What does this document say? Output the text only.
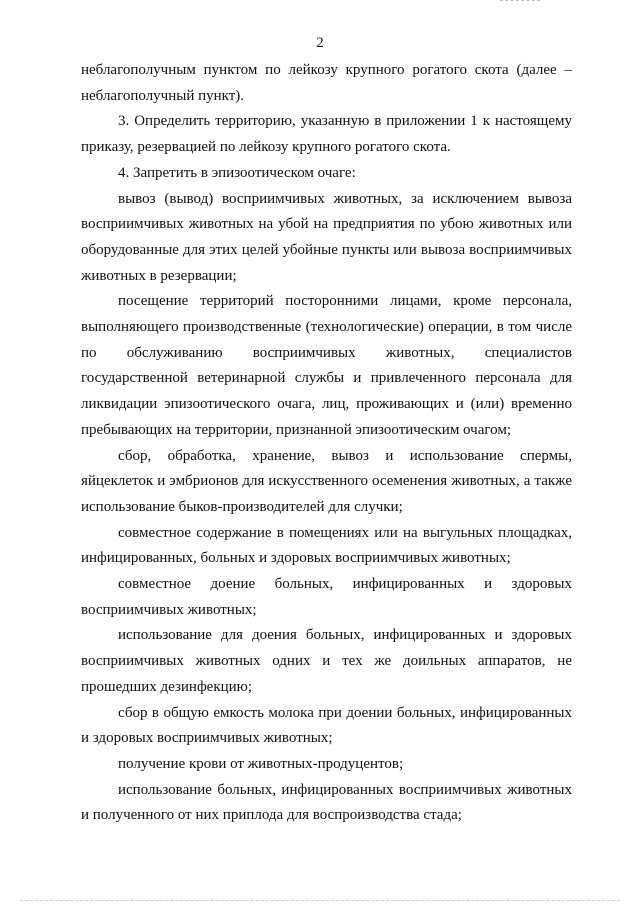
2

неблагополучным пунктом по лейкозу крупного рогатого скота (далее – неблагополучный пункт).

3. Определить территорию, указанную в приложении 1 к настоящему приказу, резервацией по лейкозу крупного рогатого скота.

4. Запретить в эпизоотическом очаге:

вывоз (вывод) восприимчивых животных, за исключением вывоза восприимчивых животных на убой на предприятия по убою животных или оборудованные для этих целей убойные пункты или вывоза восприимчивых животных в резервации;

посещение территорий посторонними лицами, кроме персонала, выполняющего производственные (технологические) операции, в том числе по обслуживанию восприимчивых животных, специалистов государственной ветеринарной службы и привлеченного персонала для ликвидации эпизоотического очага, лиц, проживающих и (или) временно пребывающих на территории, признанной эпизоотическим очагом;

сбор, обработка, хранение, вывоз и использование спермы, яйцеклеток и эмбрионов для искусственного осеменения животных, а также использование быков-производителей для случки;

совместное содержание в помещениях или на выгульных площадках, инфицированных, больных и здоровых восприимчивых животных;

совместное доение больных, инфицированных и здоровых восприимчивых животных;

использование для доения больных, инфицированных и здоровых восприимчивых животных одних и тех же доильных аппаратов, не прошедших дезинфекцию;

сбор в общую емкость молока при доении больных, инфицированных и здоровых восприимчивых животных;

получение крови от животных-продуцентов;

использование больных, инфицированных восприимчивых животных и полученного от них приплода для воспроизводства стада;
